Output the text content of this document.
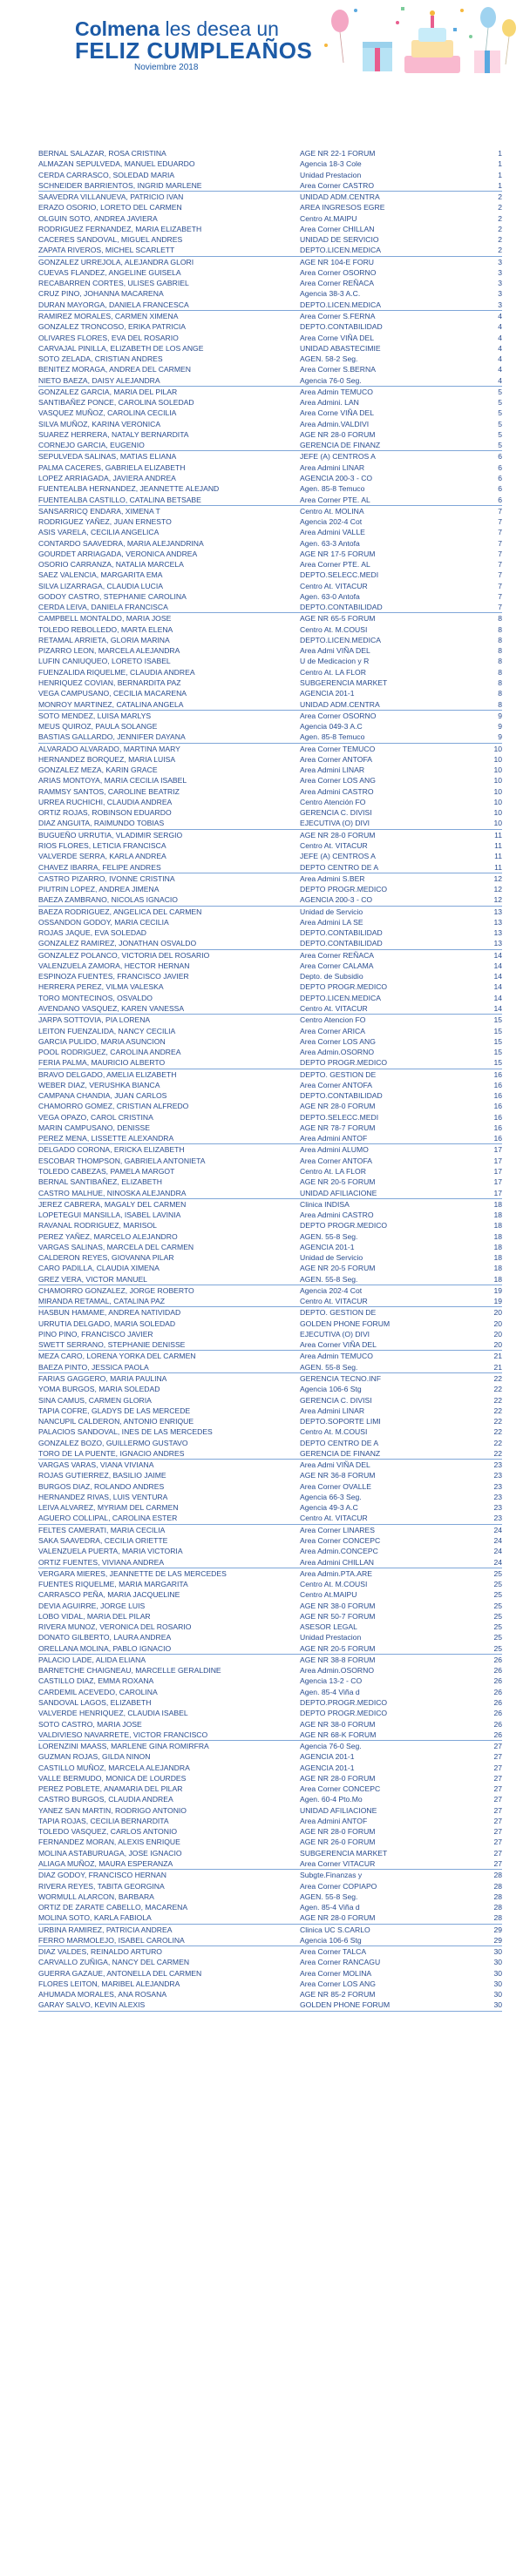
Colmena les desea un
FELIZ CUMPLEAÑOS
Noviembre 2018
BERNAL SALAZAR, ROSA CRISTINA	AGE NR 22-1 FORUM	1
ALMAZAN SEPULVEDA, MANUEL EDUARDO	Agencia 18-3 Cole	1
CERDA CARRASCO, SOLEDAD MARIA	Unidad Prestacion	1
SCHNEIDER BARRIENTOS, INGRID MARLENE	Area Corner CASTRO	1
SAAVEDRA VILLANUEVA, PATRICIO IVAN	UNIDAD ADM.CENTRA	2
ERAZO OSORIO, LORETO DEL CARMEN	AREA INGRESOS EGRE	2
OLGUIN SOTO, ANDREA JAVIERA	Centro At.MAIPU	2
RODRIGUEZ FERNANDEZ, MARIA ELIZABETH	Area Corner CHILLAN	2
CACERES SANDOVAL, MIGUEL ANDRES	UNIDAD DE SERVICIO	2
ZAPATA RIVEROS, MICHEL SCARLETT	DEPTO.LICEN.MEDICA	2
GONZALEZ URREJOLA, ALEJANDRA GLORI	AGE NR 104-E FORU	3
CUEVAS FLANDEZ, ANGELINE GUISELA	Area Corner OSORNO	3
RECABARREN CORTES, ULISES GABRIEL	Area Corner REÑACA	3
CRUZ PINO, JOHANNA MACARENA	Agencia 38-3 A.C.	3
DURAN MAYORGA, DANIELA FRANCESCA	DEPTO.LICEN.MEDICA	3
RAMIREZ MORALES, CARMEN XIMENA	Area Corner S.FERNA	4
GONZALEZ TRONCOSO, ERIKA PATRICIA	DEPTO.CONTABILIDAD	4
OLIVARES FLORES, EVA DEL ROSARIO	Area Corne VIÑA DEL	4
CARVAJAL PINILLA, ELIZABETH DE LOS ANGE	UNIDAD ABASTECIMIE	4
SOTO ZELADA, CRISTIAN ANDRES	AGEN. 58-2 Seg.	4
BENITEZ MORAGA, ANDREA DEL CARMEN	Area Corner S.BERNA	4
NIETO BAEZA, DAISY ALEJANDRA	Agencia 76-0 Seg.	4
GONZALEZ GARCIA, MARIA DEL PILAR	Area Admin TEMUCO	5
SANTIBAÑEZ PONCE, CAROLINA SOLEDAD	Area Admini. LAN	5
VASQUEZ MUÑOZ, CAROLINA CECILIA	Area Corne VIÑA DEL	5
SILVA MUÑOZ, KARINA VERONICA	Area Admin.VALDIVI	5
SUAREZ HERRERA, NATALY BERNARDITA	AGE NR 28-0 FORUM	5
CORNEJO GARCIA, EUGENIO	GERENCIA DE FINANZ	5
SEPULVEDA SALINAS, MATIAS ELIANA	JEFE (A) CENTROS A	6
PALMA CACERES, GABRIELA ELIZABETH	Area Admini LINAR	6
LOPEZ ARRIAGADA, JAVIERA ANDREA	AGENCIA 200-3 - CO	6
FUENTEALBA HERNANDEZ, JEANNETTE ALEJAND	Agen. 85-8 Temuco	6
FUENTEALBA CASTILLO, CATALINA BETSABE	Area Corner PTE. AL	6
SANSARRICQ ENDARA, XIMENA T	Centro At. MOLINA	7
RODRIGUEZ YAÑEZ, JUAN ERNESTO	Agencia 202-4 Cot	7
ASIS VARELA, CECILIA ANGELICA	Area Admini VALLE	7
CONTARDO SAAVEDRA, MARIA ALEJANDRINA	Agen. 63-3 Antofa	7
GOURDET ARRIAGADA, VERONICA ANDREA	AGE NR 17-5 FORUM	7
OSORIO CARRANZA, NATALIA MARCELA	Area Corner PTE. AL	7
SAEZ VALENCIA, MARGARITA EMA	DEPTO.SELECC.MEDI	7
SILVA LIZARRAGA, CLAUDIA LUCIA	Centro At. VITACUR	7
GODOY CASTRO, STEPHANIE CAROLINA	Agen. 63-0 Antofa	7
CERDA LEIVA, DANIELA FRANCISCA	DEPTO.CONTABILIDAD	7
CAMPBELL MONTALDO, MARIA JOSE	AGE NR 65-5 FORUM	8
TOLEDO REBOLLEDO, MARTA ELENA	Centro At. M.COUSI	8
RETAMAL ARRIETA, GLORIA MARINA	DEPTO.LICEN.MEDICA	8
PIZARRO LEON, MARCELA ALEJANDRA	Area Admi VIÑA DEL	8
LUFIN CANIUQUEO, LORETO ISABEL	U de Medicacion y R	8
FUENZALIDA RIQUELME, CLAUDIA ANDREA	Centro At. LA FLOR	8
HENRIQUEZ COVIAN, BERNARDITA PAZ	SUBGERENCIA MARKET	8
VEGA CAMPUSANO, CECILIA MACARENA	AGENCIA 201-1	8
MONROY MARTINEZ, CATALINA ANGELA	UNIDAD ADM.CENTRA	8
SOTO MENDEZ, LUISA MARLYS	Area Corner OSORNO	9
MEUS QUIROZ, PAULA SOLANGE	Agencia 049-3 A.C	9
BASTIAS GALLARDO, JENNIFER DAYANA	Agen. 85-8 Temuco	9
ALVARADO ALVARADO, MARTINA MARY	Area Corner TEMUCO	10
HERNANDEZ BORQUEZ, MARIA LUISA	Area Corner ANTOFA	10
GONZALEZ MEZA, KARIN GRACE	Area Admini LINAR	10
ARIAS MONTOYA, MARIA CECILIA ISABEL	Area Corner LOS ANG	10
RAMMSY SANTOS, CAROLINE BEATRIZ	Area Admini CASTRO	10
URREA RUCHICHI, CLAUDIA ANDREA	Centro Atención FO	10
ORTIZ ROJAS, ROBINSON EDUARDO	GERENCIA C. DIVISI	10
DIAZ ANGUITA, RAIMUNDO TOBIAS	EJECUTIVA (O) DIVI	10
BUGUEÑO URRUTIA, VLADIMIR SERGIO	AGE NR 28-0 FORUM	11
RIOS FLORES, LETICIA FRANCISCA	Centro At. VITACUR	11
VALVERDE SERRA, KARLA ANDREA	JEFE (A) CENTROS A	11
CHAVEZ IBARRA, FELIPE ANDRES	DEPTO CENTRO DE A	11
CASTRO PIZARRO, IVONNE CRISTINA	Area Admini S.BER	12
PIUTRIN LOPEZ, ANDREA JIMENA	DEPTO PROGR.MEDICO	12
BAEZA ZAMBRANO, NICOLAS IGNACIO	AGENCIA 200-3 - CO	12
BAEZA RODRIGUEZ, ANGELICA DEL CARMEN	Unidad de Servicio	13
OSSANDON GODOY, MARIA CECILIA	Area Admini LA SE	13
ROJAS JAQUE, EVA SOLEDAD	DEPTO.CONTABILIDAD	13
GONZALEZ RAMIREZ, JONATHAN OSVALDO	DEPTO.CONTABILIDAD	13
GONZALEZ POLANCO, VICTORIA DEL ROSARIO	Area Corner REÑACA	14
VALENZUELA ZAMORA, HECTOR HERNAN	Area Corner CALAMA	14
ESPINOZA FUENTES, FRANCISCO JAVIER	Depto. de Subsidio	14
HERRERA PEREZ, VILMA VALESKA	DEPTO PROGR.MEDICO	14
TORO MONTECINOS, OSVALDO	DEPTO.LICEN.MEDICA	14
AVENDANO VASQUEZ, KAREN VANESSA	Centro At. VITACUR	14
JARPA SOTTOVIA, PIA LORENA	Centro Atencion FO	15
LEITON FUENZALIDA, NANCY CECILIA	Area Corner ARICA	15
GARCIA PULIDO, MARIA ASUNCION	Area Corner LOS ANG	15
POOL RODRIGUEZ, CAROLINA ANDREA	Area Admin.OSORNO	15
FERIA PALMA, MAURICIO ALBERTO	DEPTO PROGR.MEDICO	15
BRAVO DELGADO, AMELIA ELIZABETH	DEPTO. GESTION DE	16
WEBER DIAZ, VERUSHKA BIANCA	Area Corner ANTOFA	16
CAMPANA CHANDIA, JUAN CARLOS	DEPTO.CONTABILIDAD	16
CHAMORRO GOMEZ, CRISTIAN ALFREDO	AGE NR 28-0 FORUM	16
VEGA OPAZO, CAROL CRISTINA	DEPTO.SELECC.MEDI	16
MARIN CAMPUSANO, DENISSE	AGE NR 78-7 FORUM	16
PEREZ MENA, LISSETTE ALEXANDRA	Area Admini ANTOF	16
DELGADO CORONA, ERICKA ELIZABETH	Area Admini ALUMO	17
ESCOBAR THOMPSON, GABRIELA ANTONIETA	Area Corner ANTOFA	17
TOLEDO CABEZAS, PAMELA MARGOT	Centro At. LA FLOR	17
BERNAL SANTIBAÑEZ, ELIZABETH	AGE NR 20-5 FORUM	17
CASTRO MALHUE, NINOSKA ALEJANDRA	UNIDAD AFILIACIONE	17
JEREZ CABRERA, MAGALY DEL CARMEN	Clinica INDISA	18
LOPETEGUI MANSILLA, ISABEL LAVINIA	Area Admini CASTRO	18
RAVANAL RODRIGUEZ, MARISOL	DEPTO PROGR.MEDICO	18
PEREZ YAÑEZ, MARCELO ALEJANDRO	AGEN. 55-8 Seg.	18
VARGAS SALINAS, MARCELA DEL CARMEN	AGENCIA 201-1	18
CALDERON REYES, GIOVANNA PILAR	Unidad de Servicio	18
CARO PADILLA, CLAUDIA XIMENA	AGE NR 20-5 FORUM	18
GREZ VERA, VICTOR MANUEL	AGEN. 55-8 Seg.	18
CHAMORRO GONZALEZ, JORGE ROBERTO	Agencia 202-4 Cot	19
MIRANDA RETAMAL, CATALINA PAZ	Centro At. VITACUR	19
HASBUN HAMAME, ANDREA NATIVIDAD	DEPTO. GESTION DE	20
URRUTIA DELGADO, MARIA SOLEDAD	GOLDEN PHONE FORUM	20
PINO PINO, FRANCISCO JAVIER	EJECUTIVA (O) DIVI	20
SWETT SERRANO, STEPHANIE DENISSE	Area Corner VIÑA DEL	20
MEZA CARO, LORENA YORKA DEL CARMEN	Area Admin TEMUCO	21
BAEZA PINTO, JESSICA PAOLA	AGEN. 55-8 Seg.	21
FARIAS GAGGERO, MARIA PAULINA	GERENCIA TECNO.INF	22
YOMA BURGOS, MARIA SOLEDAD	Agencia 106-6 Stg	22
SINA CAMUS, CARMEN GLORIA	GERENCIA C. DIVISI	22
TAPIA COFRE, GLADYS DE LAS MERCEDE	Area Admini LINAR	22
NANCUPIL CALDERON, ANTONIO ENRIQUE	DEPTO.SOPORTE LIMI	22
PALACIOS SANDOVAL, INES DE LAS MERCEDES	Centro At. M.COUSI	22
GONZALEZ BOZO, GUILLERMO GUSTAVO	DEPTO CENTRO DE A	22
TORO DE LA PUENTE, IGNACIO ANDRES	GERENCIA DE FINANZ	22
VARGAS VARAS, VIANA VIVIANA	Area Admi VIÑA DEL	23
ROJAS GUTIERREZ, BASILIO JAIME	AGE NR 36-8 FORUM	23
BURGOS DIAZ, ROLANDO ANDRES	Area Corner OVALLE	23
HERNANDEZ RIVAS, LUIS VENTURA	Agencia 66-3 Seg.	23
LEIVA ALVAREZ, MYRIAM DEL CARMEN	Agencia 49-3 A.C	23
AGUERO COLLIPAL, CAROLINA ESTER	Centro At. VITACUR	23
FELTES CAMERATI, MARIA CECILIA	Area Corner LINARES	24
SAKA SAAVEDRA, CECILIA ORIETTE	Area Corner CONCEPC	24
VALENZUELA PUERTA, MARIA VICTORIA	Area Admin.CONCEPC	24
ORTIZ FUENTES, VIVIANA ANDREA	Area Admini CHILLAN	24
VERGARA MIERES, JEANNETTE DE LAS MERCEDES	Area Admin.PTA.ARE	25
FUENTES RIQUELME, MARIA MARGARITA	Centro At. M.COUSI	25
CARRASCO PEÑA, MARIA JACQUELINE	Centro At.MAIPU	25
DEVIA AGUIRRE, JORGE LUIS	AGE NR 38-0 FORUM	25
LOBO VIDAL, MARIA DEL PILAR	AGE NR 50-7 FORUM	25
RIVERA MUNOZ, VERONICA DEL ROSARIO	ASESOR LEGAL	25
DONATO GILBERTO, LAURA ANDREA	Unidad Prestacion	25
ORELLANA MOLINA, PABLO IGNACIO	AGE NR 20-5 FORUM	25
PALACIO LADE, ALIDA ELIANA	AGE NR 38-8 FORUM	26
BARNETCHE CHAIGNEAU, MARCELLE GERALDINE	Area Admin.OSORNO	26
CASTILLO DIAZ, EMMA ROXANA	Agencia 13-2 - CO	26
CARDEMIL ACEVEDO, CAROLINA	Agen. 85-4 Viña d	26
SANDOVAL LAGOS, ELIZABETH	DEPTO.PROGR.MEDICO	26
VALVERDE HENRIQUEZ, CLAUDIA ISABEL	DEPTO PROGR.MEDICO	26
SOTO CASTRO, MARIA JOSE	AGE NR 38-0 FORUM	26
VALDIVIESO NAVARRETE, VICTOR FRANCISCO	AGE NR 68-K FORUM	26
LORENZINI MAASS, MARLENE GINA ROMIRFRA	Agencia 76-0 Seg.	27
GUZMAN ROJAS, GILDA NINON	AGENCIA 201-1	27
CASTILLO MUÑOZ, MARCELA ALEJANDRA	AGENCIA 201-1	27
VALLE BERMUDO, MONICA DE LOURDES	AGE NR 28-0 FORUM	27
PEREZ POBLETE, ANAMARIA DEL PILAR	Area Corner CONCEPC	27
CASTRO BURGOS, CLAUDIA ANDREA	Agen. 60-4 Pto.Mo	27
YANEZ SAN MARTIN, RODRIGO ANTONIO	UNIDAD AFILIACIONE	27
TAPIA ROJAS, CECILIA BERNARDITA	Area Admini ANTOF	27
TOLEDO VASQUEZ, CARLOS ANTONIO	AGE NR 28-0 FORUM	27
FERNANDEZ MORAN, ALEXIS ENRIQUE	AGE NR 26-0 FORUM	27
MOLINA ASTABURUAGA, JOSE IGNACIO	SUBGERENCIA MARKET	27
ALIAGA MUÑOZ, MAURA ESPERANZA	Area Corner VITACUR	27
DIAZ GODOY, FRANCISCO HERNAN	Subgte.Finanzas y	28
RIVERA REYES, TABITA GEORGINA	Area Corner COPIAPO	28
WORMULL ALARCON, BARBARA	AGEN. 55-8 Seg.	28
ORTIZ DE ZARATE CABELLO, MACARENA	Agen. 85-4 Viña d	28
MOLINA SOTO, KARLA FABIOLA	AGE NR 28-0 FORUM	28
URBINA RAMIREZ, PATRICIA ANDREA	Clinica UC S.CARLO	29
FERRO MARMOLEJO, ISABEL CAROLINA	Agencia 106-6 Stg	29
DIAZ VALDES, REINALDO ARTURO	Area Corner TALCA	30
CARVALLO ZUÑIGA, NANCY DEL CARMEN	Area Corner RANCAGU	30
GUERRA GAZAUE, ANTONELLA DEL CARMEN	Area Corner MOLINA	30
FLORES LEITON, MARIBEL ALEJANDRA	Area Corner LOS ANG	30
AHUMADA MORALES, ANA ROSANA	AGE NR 85-2 FORUM	30
GARAY SALVO, KEVIN ALEXIS	GOLDEN PHONE FORUM	30
